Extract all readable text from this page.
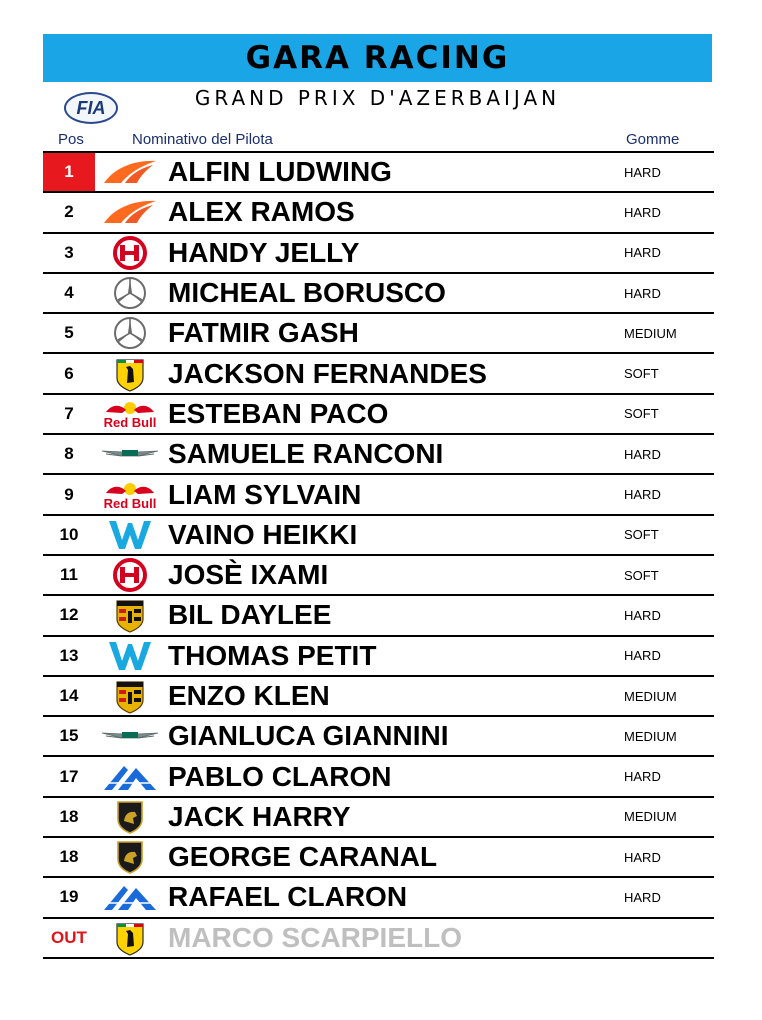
GARA RACING
FIA	GRAND PRIX D'AZERBAIJAN
Pos	Nominativo del Pilota	Gomme
1	ALFIN LUDWING	HARD
2	ALEX RAMOS	HARD
3	HANDY JELLY	HARD
4	MICHEAL BORUSCO	HARD
5	FATMIR GASH	MEDIUM
6	JACKSON FERNANDES	SOFT
7	Red Bull ESTEBAN PACO	SOFT
8	SAMUELE RANCONI	HARD
9	Red Bull LIAM SYLVAIN	HARD
10	VAINO HEIKKI	SOFT
11	JOSÈ IXAMI	SOFT
12	BIL DAYLEE	HARD
13	THOMAS PETIT	HARD
14	ENZO KLEN	MEDIUM
15	GIANLUCA GIANNINI	MEDIUM
17	PABLO CLARON	HARD
18	JACK HARRY	MEDIUM
18	GEORGE CARANAL	HARD
19	RAFAEL CLARON	HARD
OUT	MARCO SCARPIELLO
